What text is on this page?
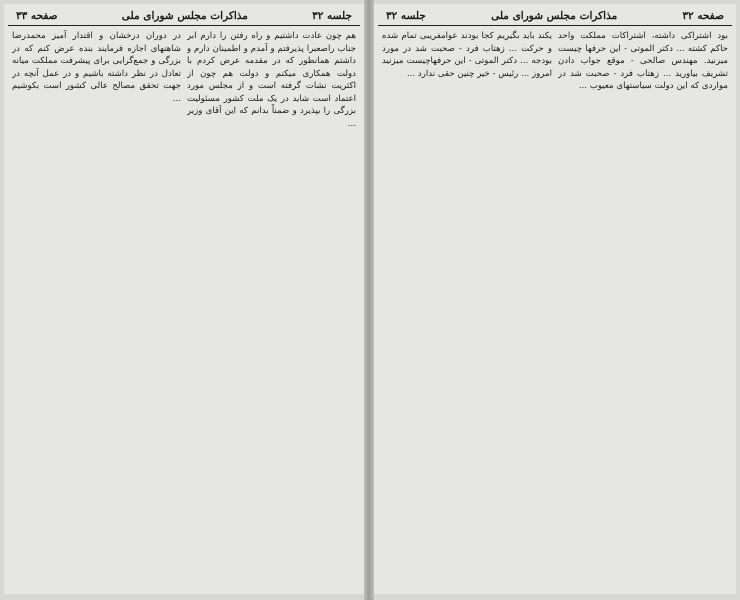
جلسه ۳۲
مذاکرات مجلس شورای ملی
صفحه ۳۳

هم چون عادت داشتیم و راه رفتن را دارم ابر جناب راصعبرا پذیرفتم و آمدم و اطمینان دارم و داشتم همانطور که در مقدمه عرض کردم با دولت همکاری میکنم و دولت هم چون از اکثریت نشات گرفته است و از مجلس مورد اعتماد است شاید در یک ملت کشور مسئولیت بزرگی را بپذیرد و ضمناً بدانم که این آقای وزیر ...

در دوران درخشان و اقتدار آمیز محمدرضا شاهنهای اجازه فرمایند بنده عرض کنم که در بزرگی و جمع‌گرایی برای پیشرفت مملکت میانه تعادل در نظر داشته باشیم و در عمل آنچه در جهت تحقق مصالح عالی کشور است بکوشیم ...

صفحه ۳۲
مذاکرات مجلس شورای ملی
جلسه ۳۲

بود اشتراکی داشته، اشتراکات مملکت واحد حاکم کشته ... دکتر الموتی - این حرفها چیست میزنید. مهندس صالحی - موقع جواب دادن تشریف بیاورید ... زهتاب فرد - صحبت شد در مواردی که این دولت سیاستهای معیوب ...

یکند باید بگیریم کجا بودند عوامفریبی تمام شده و حرکت ... زهتاب فرد - صحبت شد در مورد بودجه ... دکتر الموتی - این حرفهاچیست میزنید امروز ... رئیس - خیر چنین حقی ندارد ...
